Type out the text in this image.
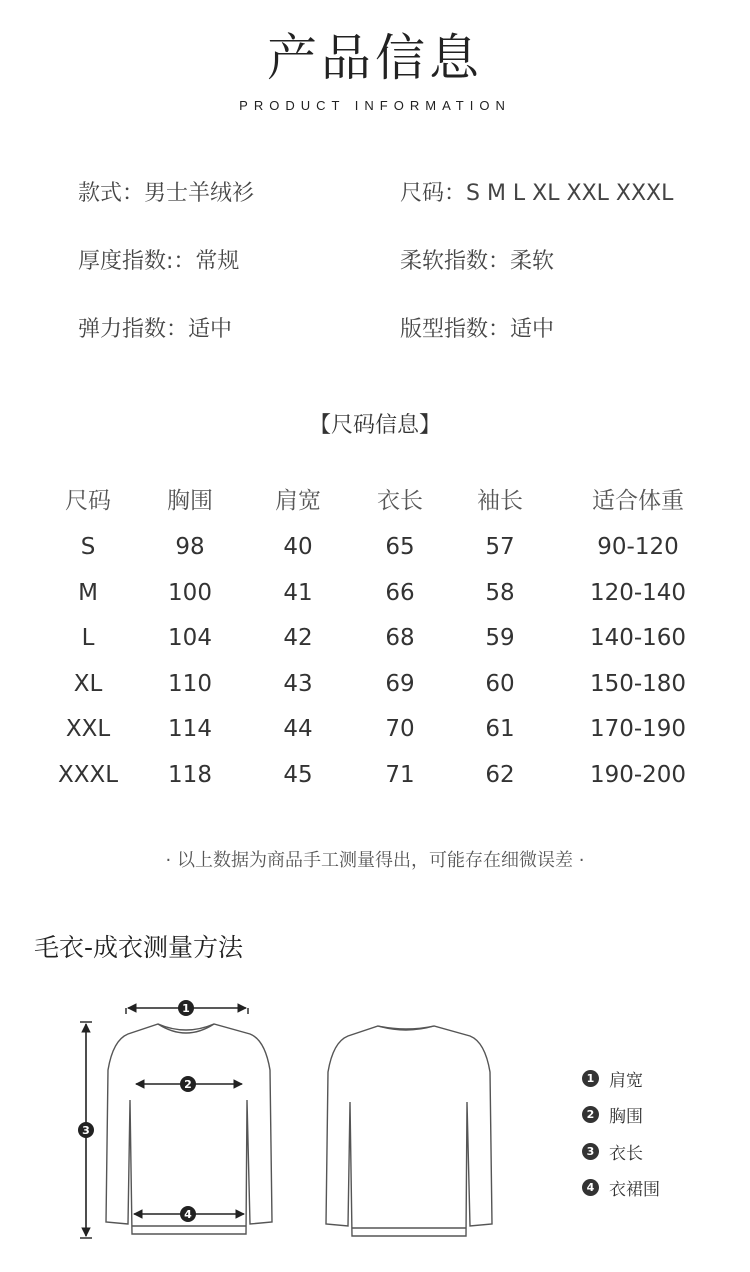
产品信息
PRODUCT INFORMATION
款式：男士羊绒衫	尺码：S M L XL XXL XXXL
厚度指数:：常规	柔软指数：柔软
弹力指数：适中	版型指数：适中
【尺码信息】
尺码	胸围	肩宽	衣长	袖长	适合体重
S	98	40	65	57	90-120
M	100	41	66	58	120-140
L	104	42	68	59	140-160
XL	110	43	69	60	150-180
XXL	114	44	70	61	170-190
XXXL	118	45	71	62	190-200
· 以上数据为商品手工测量得出，可能存在细微误差 ·
毛衣-成衣测量方法
1
2
3
4
1 肩宽
2 胸围
3 衣长
4 衣裙围
